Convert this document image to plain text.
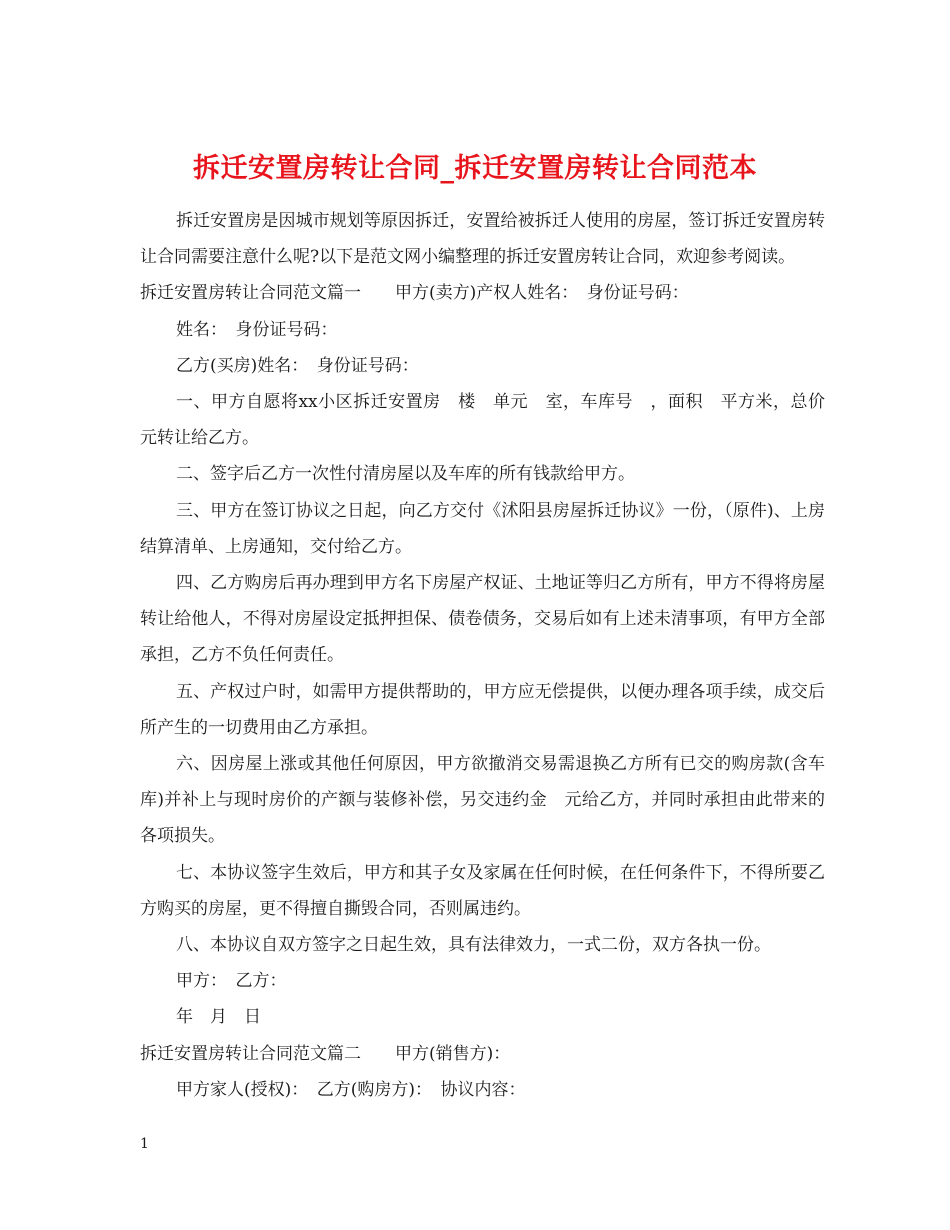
拆迁安置房转让合同_拆迁安置房转让合同范本

拆迁安置房是因城市规划等原因拆迁，安置给被拆迁人使用的房屋，签订拆迁安置房转让合同需要注意什么呢?以下是范文网小编整理的拆迁安置房转让合同，欢迎参考阅读。

拆迁安置房转让合同范文篇一 甲方(卖方)产权人姓名：　身份证号码：

姓名：　身份证号码：

乙方(买房)姓名：　身份证号码：

一、甲方自愿将xx小区拆迁安置房　楼　单元　室，车库号　，面积　平方米，总价　元转让给乙方。

二、签字后乙方一次性付清房屋以及车库的所有钱款给甲方。

三、甲方在签订协议之日起，向乙方交付《沭阳县房屋拆迁协议》一份，（原件)、上房结算清单、上房通知，交付给乙方。

四、乙方购房后再办理到甲方名下房屋产权证、土地证等归乙方所有，甲方不得将房屋转让给他人，不得对房屋设定抵押担保、债卷债务，交易后如有上述未清事项，有甲方全部承担，乙方不负任何责任。

五、产权过户时，如需甲方提供帮助的，甲方应无偿提供，以便办理各项手续，成交后所产生的一切费用由乙方承担。

六、因房屋上涨或其他任何原因，甲方欲撤消交易需退换乙方所有已交的购房款(含车库)并补上与现时房价的产额与装修补偿，另交违约金　元给乙方，并同时承担由此带来的各项损失。

七、本协议签字生效后，甲方和其子女及家属在任何时候，在任何条件下，不得所要乙方购买的房屋，更不得擅自撕毁合同，否则属违约。

八、本协议自双方签字之日起生效，具有法律效力，一式二份，双方各执一份。

甲方：　乙方：

年　月　日

拆迁安置房转让合同范文篇二 甲方(销售方)：

甲方家人(授权)：　乙方(购房方)：　协议内容：

1
